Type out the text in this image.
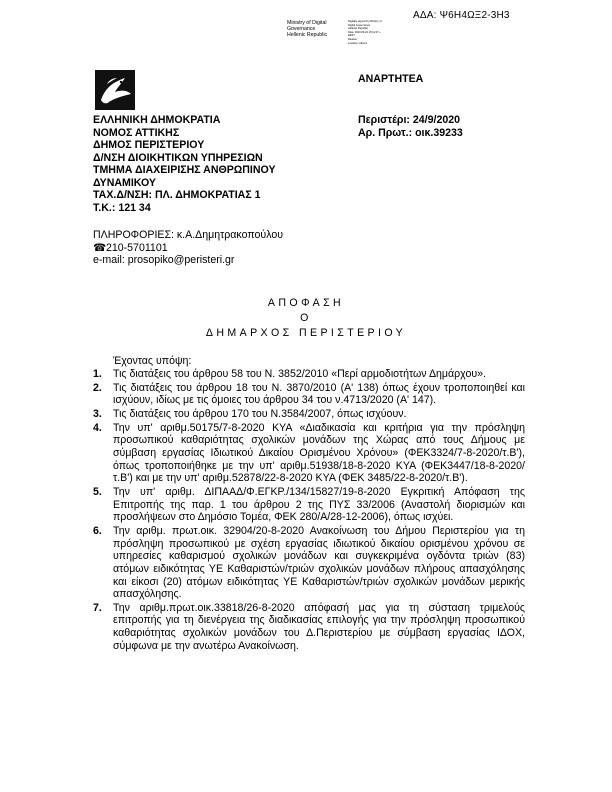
ΑΔΑ: Ψ6Η4ΩΞ2-3Η3
Ministry of Digital
Governance
Hellenic Republic
Digitally signed by Ministry of
Digital Governance
Hellenic Republic
Date: 2020.09.24 15:11:27 +
EEST
Reason:
Location: Athens
ΑΝΑΡΤΗΤΕΑ
ΕΛΛΗΝΙΚΗ ΔΗΜΟΚΡΑΤΙΑ
ΝΟΜΟΣ ΑΤΤΙΚΗΣ
ΔΗΜΟΣ ΠΕΡΙΣΤΕΡΙΟΥ
Δ/ΝΣΗ ΔΙΟΙΚΗΤΙΚΩΝ ΥΠΗΡΕΣΙΩΝ
ΤΜΗΜΑ ΔΙΑΧΕΙΡΙΣΗΣ ΑΝΘΡΩΠΙΝΟΥ
ΔΥΝΑΜΙΚΟΥ
ΤΑΧ.Δ/ΝΣΗ: ΠΛ. ΔΗΜΟΚΡΑΤΙΑΣ 1
Τ.Κ.: 121 34
Περιστέρι: 24/9/2020
Αρ. Πρωτ.: οικ.39233
ΠΛΗΡΟΦΟΡΙΕΣ: κ.Α.Δημητρακοπούλου
☎ 210-5701101
e-mail: prosopiko@peristeri.gr
ΑΠΟΦΑΣΗ
Ο
ΔΗΜΑΡΧΟΣ ΠΕΡΙΣΤΕΡΙΟΥ
Έχοντας υπόψη:
1. Τις διατάξεις του άρθρου 58 του Ν. 3852/2010 «Περί αρμοδιοτήτων Δημάρχου».
2. Τις διατάξεις του άρθρου 18 του Ν. 3870/2010 (Α' 138) όπως έχουν τροποποιηθεί και ισχύουν, ιδίως με τις όμοιες του άρθρου 34 του ν.4713/2020 (Α' 147).
3. Τις διατάξεις του άρθρου 170 του Ν.3584/2007, όπως ισχύουν.
4. Την υπ' αριθμ.50175/7-8-2020 ΚΥΑ «Διαδικασία και κριτήρια για την πρόσληψη προσωπικού καθαριότητας σχολικών μονάδων της Χώρας από τους Δήμους με σύμβαση εργασίας Ιδιωτικού Δικαίου Ορισμένου Χρόνου» (ΦΕΚ3324/7-8-2020/τ.Β'), όπως τροποποιήθηκε με την υπ' αριθμ.51938/18-8-2020 ΚΥΑ (ΦΕΚ3447/18-8-2020/τ.Β') και με την υπ' αριθμ.52878/22-8-2020 ΚΥΑ (ΦΕΚ 3485/22-8-2020/τ.Β').
5. Την υπ' αριθμ. ΔΙΠΑΑΔ/Φ.ΕΓΚΡ./134/15827/19-8-2020 Εγκριτική Απόφαση της Επιτροπής της παρ. 1 του άρθρου 2 της ΠΥΣ 33/2006 (Αναστολή διορισμών και προσλήψεων στο Δημόσιο Τομέα, ΦΕΚ 280/Α/28-12-2006), όπως ισχύει.
6. Την αριθμ. πρωτ.οικ. 32904/20-8-2020 Ανακοίνωση του Δήμου Περιστερίου για τη πρόσληψη προσωπικού με σχέση εργασίας ιδιωτικού δικαίου ορισμένου χρόνου σε υπηρεσίες καθαρισμού σχολικών μονάδων και συγκεκριμένα ογδόντα τριών (83) ατόμων ειδικότητας ΥΕ Καθαριστών/τριών σχολικών μονάδων πλήρους απασχόλησης και είκοσι (20) ατόμων ειδικότητας ΥΕ Καθαριστών/τριών σχολικών μονάδων μερικής απασχόλησης.
7. Την αριθμ.πρωτ.οικ.33818/26-8-2020 απόφασή μας για τη σύσταση τριμελούς επιτροπής για τη διενέργεια της διαδικασίας επιλογής για την πρόσληψη προσωπικού καθαριότητας σχολικών μονάδων του Δ.Περιστερίου με σύμβαση εργασίας ΙΔΟΧ, σύμφωνα με την ανωτέρω Ανακοίνωση.
